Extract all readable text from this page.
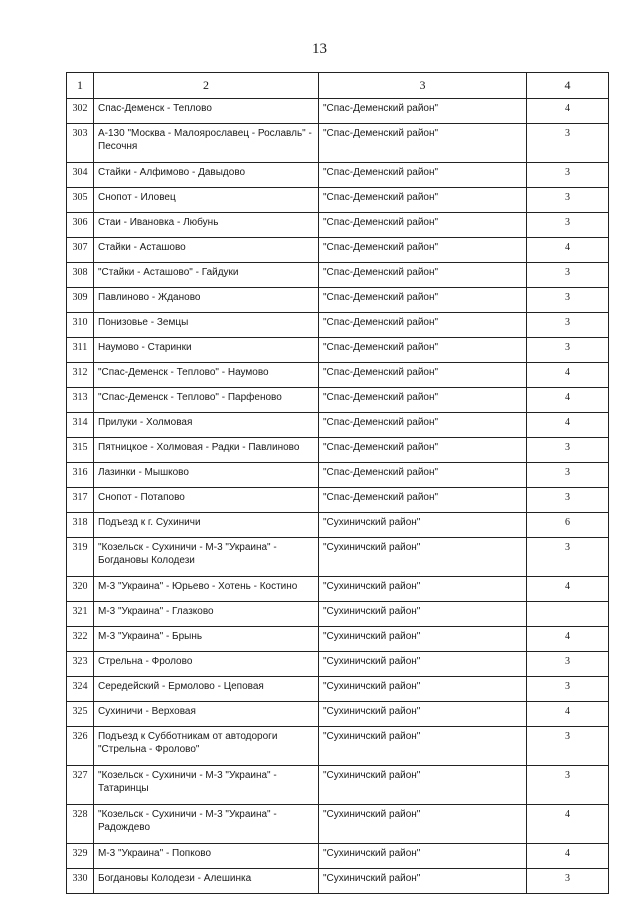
13
1	2	3	4
302	Спас-Деменск - Теплово	"Спас-Деменский район"	4
303	А-130 "Москва - Малоярославец - Рославль" - Песочня	"Спас-Деменский район"	3
304	Стайки - Алфимово - Давыдово	"Спас-Деменский район"	3
305	Снопот - Иловец	"Спас-Деменский район"	3
306	Стаи - Ивановка - Любунь	"Спас-Деменский район"	3
307	Стайки - Асташово	"Спас-Деменский район"	4
308	"Стайки - Асташово" - Гайдуки	"Спас-Деменский район"	3
309	Павлиново - Жданово	"Спас-Деменский район"	3
310	Понизовье - Земцы	"Спас-Деменский район"	3
311	Наумово - Старинки	"Спас-Деменский район"	3
312	"Спас-Деменск - Теплово" - Наумово	"Спас-Деменский район"	4
313	"Спас-Деменск - Теплово" - Парфеново	"Спас-Деменский район"	4
314	Прилуки - Холмовая	"Спас-Деменский район"	4
315	Пятницкое - Холмовая - Радки - Павлиново	"Спас-Деменский район"	3
316	Лазинки - Мышково	"Спас-Деменский район"	3
317	Снопот - Потапово	"Спас-Деменский район"	3
318	Подъезд к г. Сухиничи	"Сухиничский район"	6
319	"Козельск - Сухиничи - М-3 "Украина" - Богдановы Колодези	"Сухиничский район"	3
320	М-3 "Украина" - Юрьево - Хотень - Костино	"Сухиничский район"	4
321	М-3 "Украина" - Глазково	"Сухиничский район"	
322	М-3 "Украина" - Брынь	"Сухиничский район"	4
323	Стрельна - Фролово	"Сухиничский район"	3
324	Середейский - Ермолово - Цеповая	"Сухиничский район"	3
325	Сухиничи - Верховая	"Сухиничский район"	4
326	Подъезд к Субботникам от автодороги "Стрельна - Фролово"	"Сухиничский район"	3
327	"Козельск - Сухиничи - М-3 "Украина" - Татаринцы	"Сухиничский район"	3
328	"Козельск - Сухиничи - М-3 "Украина" - Радождево	"Сухиничский район"	4
329	М-3 "Украина" - Попково	"Сухиничский район"	4
330	Богдановы Колодези - Алешинка	"Сухиничский район"	3
